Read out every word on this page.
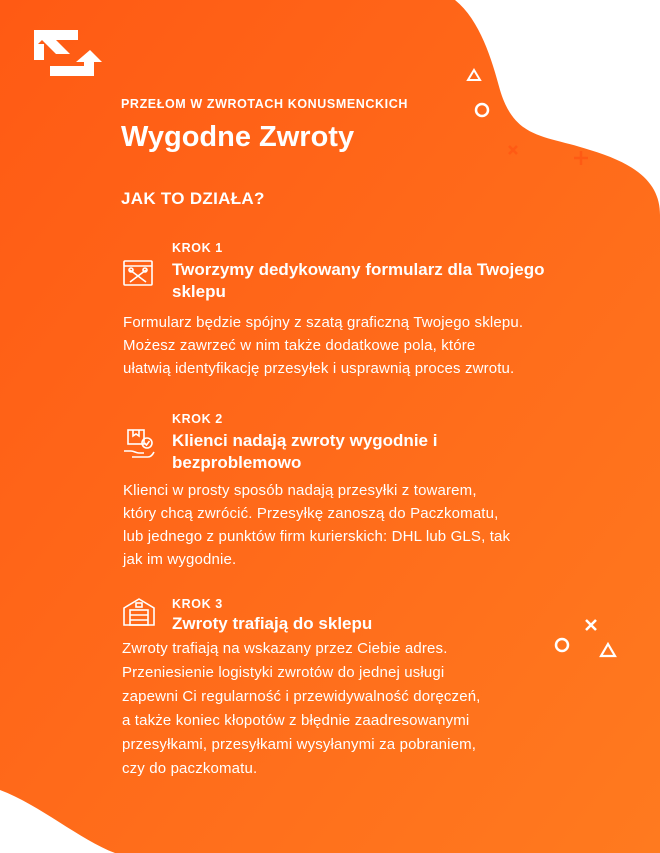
PRZEŁOM W ZWROTACH KONUSMENCKICH
Wygodne Zwroty
JAK TO DZIAŁA?
KROK 1
Tworzymy dedykowany formularz dla Twojego
sklepu
Formularz będzie spójny z szatą graficzną Twojego sklepu.
Możesz zawrzeć w nim także dodatkowe pola, które
ułatwią identyfikację przesyłek i usprawnią proces zwrotu.
KROK 2
Klienci nadają zwroty wygodnie i
bezproblemowo
Klienci w prosty sposób nadają przesyłki z towarem,
który chcą zwrócić. Przesyłkę zanoszą do Paczkomatu,
lub jednego z punktów firm kurierskich: DHL lub GLS, tak
jak im wygodnie.
KROK 3
Zwroty trafiają do sklepu
Zwroty trafiają na wskazany przez Ciebie adres.
Przeniesienie logistyki zwrotów do jednej usługi
zapewni Ci regularność i przewidywalność doręczeń,
a także koniec kłopotów z błędnie zaadresowanymi
przesyłkami, przesyłkami wysyłanymi za pobraniem,
czy do paczkomatu.
